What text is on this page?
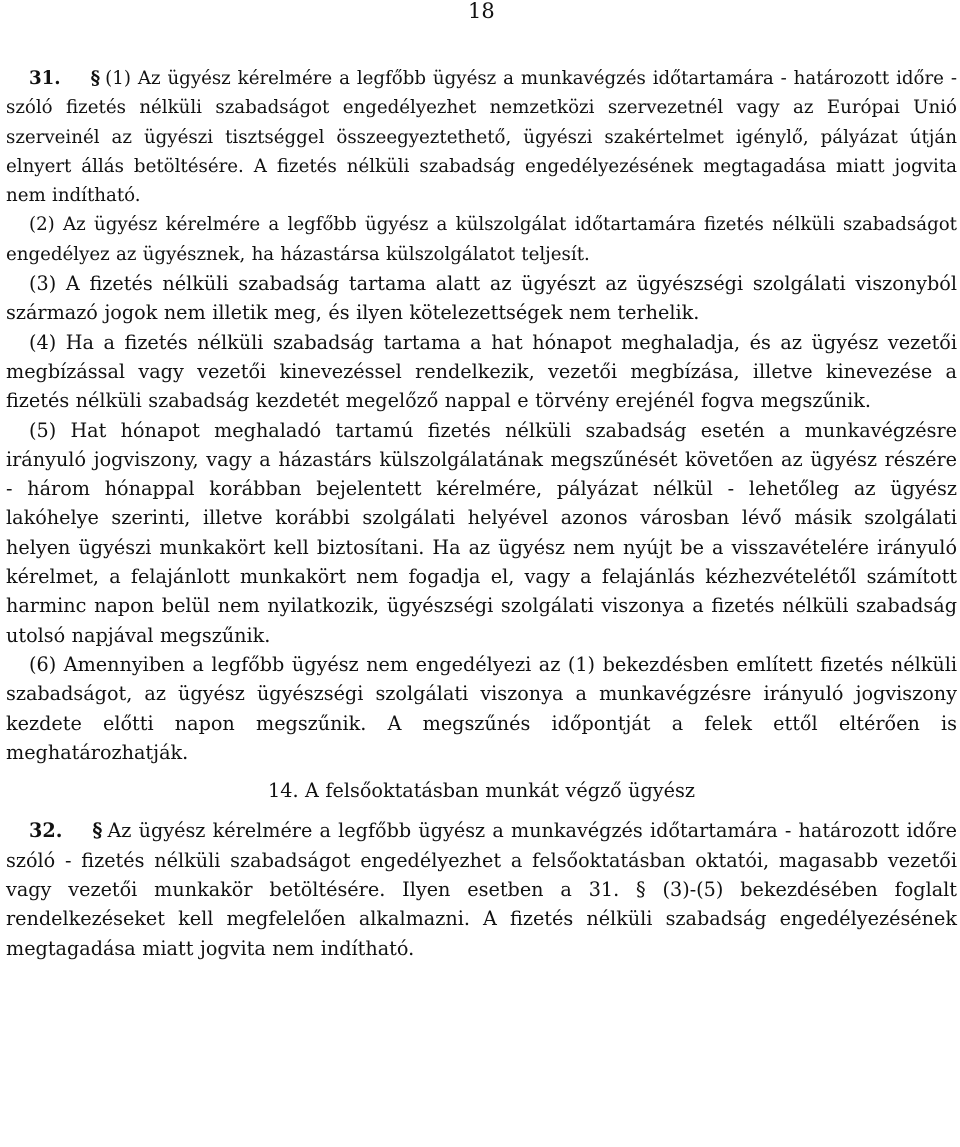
18

31. § (1) Az ügyész kérelmére a legfőbb ügyész a munkavégzés időtartamára - határozott időre - szóló fizetés nélküli szabadságot engedélyezhet nemzetközi szervezetnél vagy az Európai Unió szerveinél az ügyészi tisztséggel összeegyeztethető, ügyészi szakértelmet igénylő, pályázat útján elnyert állás betöltésére. A fizetés nélküli szabadság engedélyezésének megtagadása miatt jogvita nem indítható.

(2) Az ügyész kérelmére a legfőbb ügyész a külszolgálat időtartamára fizetés nélküli szabadságot engedélyez az ügyésznek, ha házastársa külszolgálatot teljesít.

(3) A fizetés nélküli szabadság tartama alatt az ügyészt az ügyészségi szolgálati viszonyból származó jogok nem illetik meg, és ilyen kötelezettségek nem terhelik.

(4) Ha a fizetés nélküli szabadság tartama a hat hónapot meghaladja, és az ügyész vezetői megbízással vagy vezetői kinevezéssel rendelkezik, vezetői megbízása, illetve kinevezése a fizetés nélküli szabadság kezdetét megelőző nappal e törvény erejénél fogva megszűnik.

(5) Hat hónapot meghaladó tartamú fizetés nélküli szabadság esetén a munkavégzésre irányuló jogviszony, vagy a házastárs külszolgálatának megszűnését követően az ügyész részére - három hónappal korábban bejelentett kérelmére, pályázat nélkül - lehetőleg az ügyész lakóhelye szerinti, illetve korábbi szolgálati helyével azonos városban lévő másik szolgálati helyen ügyészi munkakört kell biztosítani. Ha az ügyész nem nyújt be a visszavételére irányuló kérelmet, a felajánlott munkakört nem fogadja el, vagy a felajánlás kézhezvételétől számított harminc napon belül nem nyilatkozik, ügyészségi szolgálati viszonya a fizetés nélküli szabadság utolsó napjával megszűnik.

(6) Amennyiben a legfőbb ügyész nem engedélyezi az (1) bekezdésben említett fizetés nélküli szabadságot, az ügyész ügyészségi szolgálati viszonya a munkavégzésre irányuló jogviszony kezdete előtti napon megszűnik. A megszűnés időpontját a felek ettől eltérően is meghatározhatják.

14. A felsőoktatásban munkát végző ügyész

32. § Az ügyész kérelmére a legfőbb ügyész a munkavégzés időtartamára - határozott időre szóló - fizetés nélküli szabadságot engedélyezhet a felsőoktatásban oktatói, magasabb vezetői vagy vezetői munkakör betöltésére. Ilyen esetben a 31. § (3)-(5) bekezdésében foglalt rendelkezéseket kell megfelelően alkalmazni. A fizetés nélküli szabadság engedélyezésének megtagadása miatt jogvita nem indítható.
